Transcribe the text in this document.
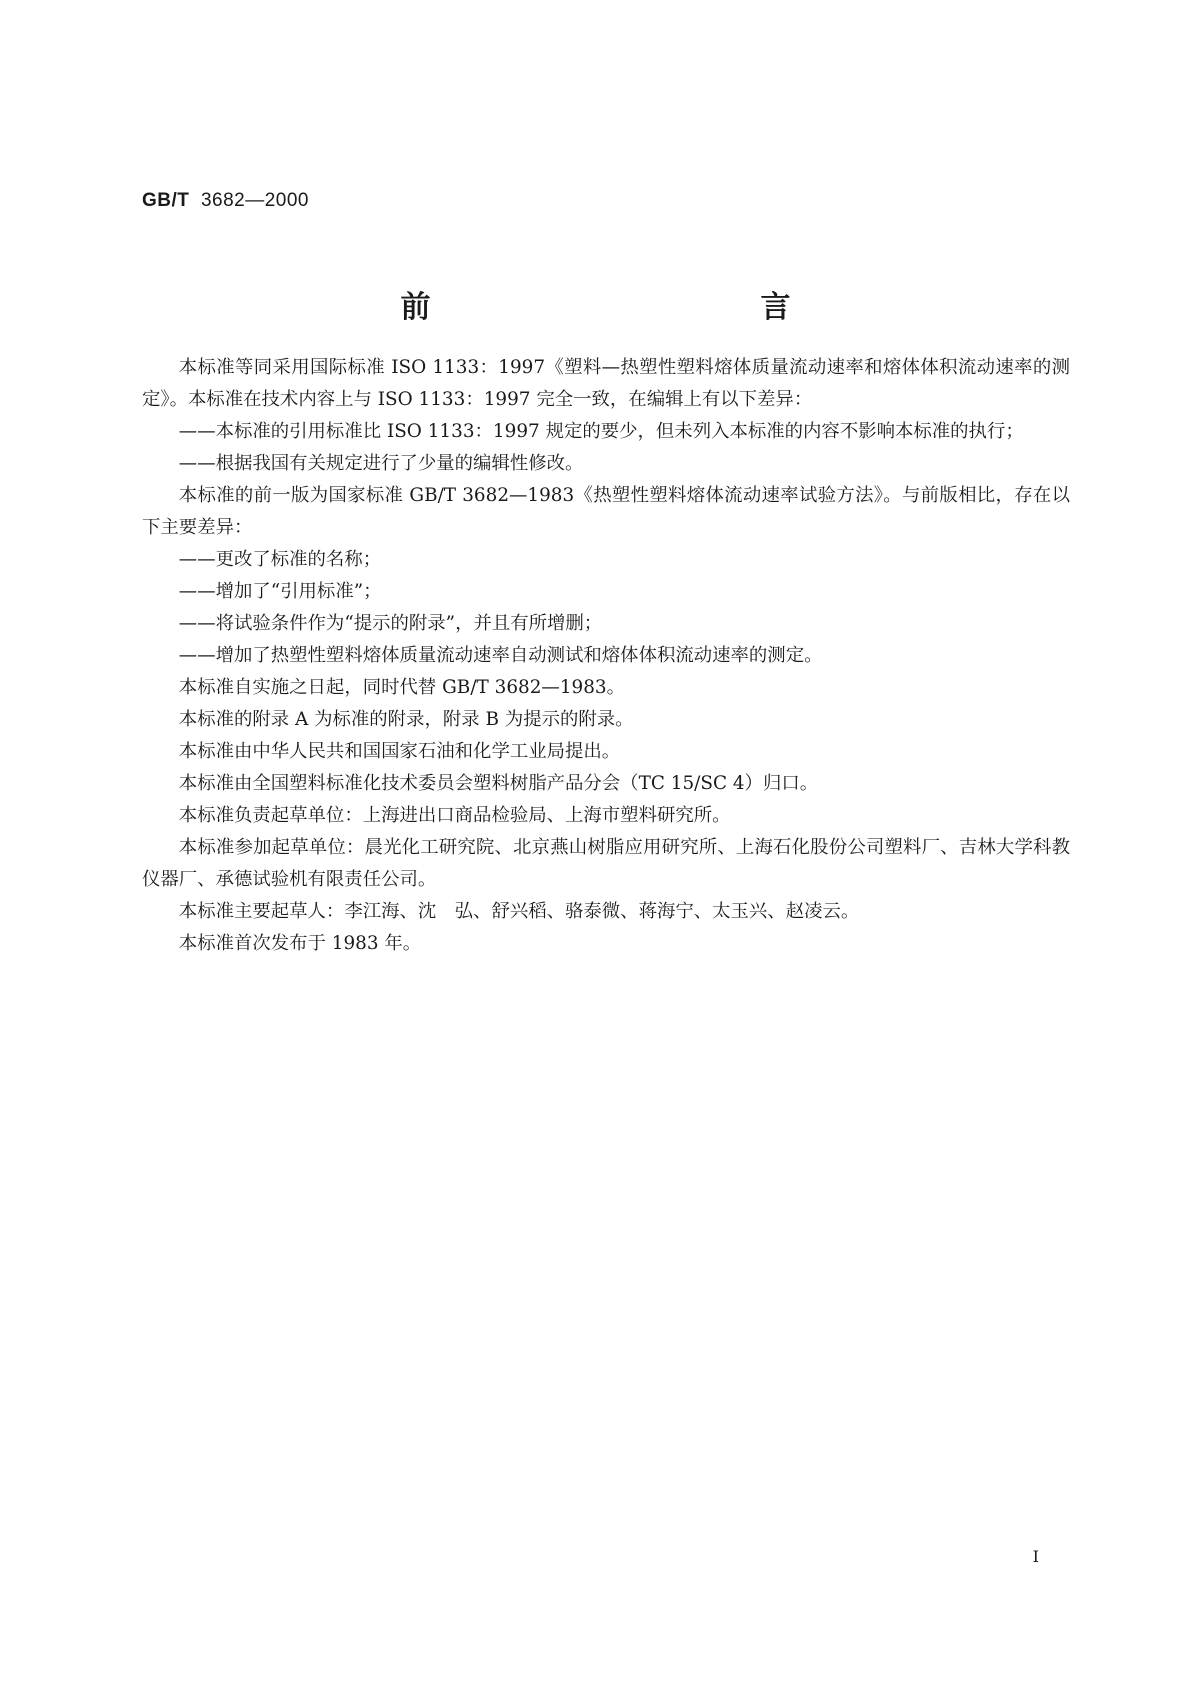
GB/T 3682—2000
前　　言

本标准等同采用国际标准 ISO 1133：1997《塑料—热塑性塑料熔体质量流动速率和熔体体积流动速率的测定》。本标准在技术内容上与 ISO 1133：1997 完全一致，在编辑上有以下差异：

——本标准的引用标准比 ISO 1133：1997 规定的要少，但未列入本标准的内容不影响本标准的执行；

——根据我国有关规定进行了少量的编辑性修改。

本标准的前一版为国家标准 GB/T 3682—1983《热塑性塑料熔体流动速率试验方法》。与前版相比，存在以下主要差异：

——更改了标准的名称；

——增加了“引用标准”；

——将试验条件作为“提示的附录”，并且有所增删；

——增加了热塑性塑料熔体质量流动速率自动测试和熔体体积流动速率的测定。

本标准自实施之日起，同时代替 GB/T 3682—1983。

本标准的附录 A 为标准的附录，附录 B 为提示的附录。

本标准由中华人民共和国国家石油和化学工业局提出。

本标准由全国塑料标准化技术委员会塑料树脂产品分会（TC 15/SC 4）归口。

本标准负责起草单位：上海进出口商品检验局、上海市塑料研究所。

本标准参加起草单位：晨光化工研究院、北京燕山树脂应用研究所、上海石化股份公司塑料厂、吉林大学科教仪器厂、承德试验机有限责任公司。

本标准主要起草人：李江海、沈　弘、舒兴稻、骆泰微、蒋海宁、太玉兴、赵凌云。

本标准首次发布于 1983 年。

I
